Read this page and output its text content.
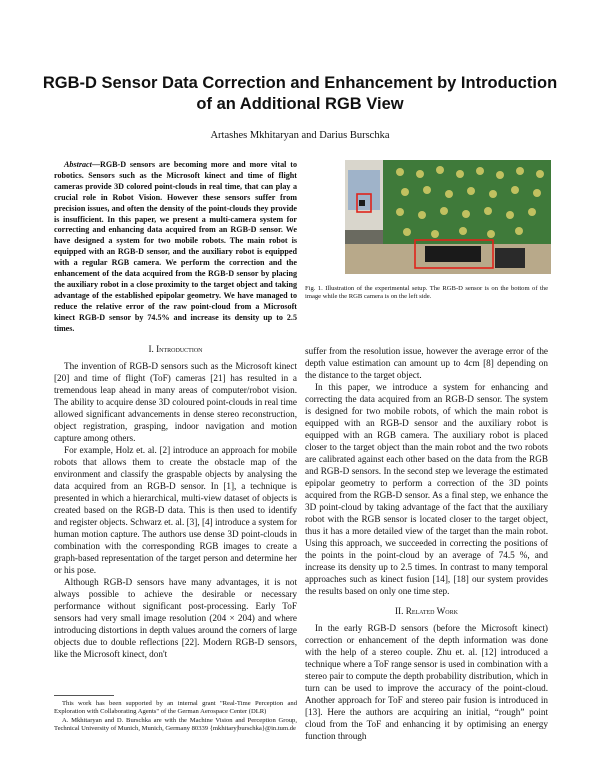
RGB-D Sensor Data Correction and Enhancement by Introduction of an Additional RGB View
Artashes Mkhitaryan and Darius Burschka

Abstract—RGB-D sensors are becoming more and more vital to robotics. Sensors such as the Microsoft kinect and time of flight cameras provide 3D colored point-clouds in real time, that can play a crucial role in Robot Vision. However these sensors suffer from precision issues, and often the density of the point-clouds they provide is insufficient. In this paper, we present a multi-camera system for correcting and enhancing data acquired from an RGB-D sensor. We have designed a system for two mobile robots. The main robot is equipped with an RGB-D sensor, and the auxiliary robot is equipped with a regular RGB camera. We perform the correction and the enhancement of the data acquired from the RGB-D sensor by placing the auxiliary robot in a close proximity to the target object and taking advantage of the established epipolar geometry. We have managed to reduce the relative error of the raw point-cloud from a Microsoft kinect RGB-D sensor by 74.5% and increase its density up to 2.5 times.

I. Introduction

The invention of RGB-D sensors such as the Microsoft kinect [20] and time of flight (ToF) cameras [21] has resulted in a tremendous leap ahead in many areas of computer/robot vision. The ability to acquire dense 3D coloured point-clouds in real time allowed significant advancements in dense stereo reconstruction, object registration, grasping, indoor navigation and motion capture among others.

For example, Holz et. al. [2] introduce an approach for mobile robots that allows them to create the obstacle map of the environment and classify the graspable objects by analysing the data acquired from an RGB-D sensor. In [1], a technique is presented in which a hierarchical, multi-view dataset of objects is created based on the RGB-D data. This is then used to identify and register objects. Schwarz et. al. [3], [4] introduce a system for human motion capture. The authors use dense 3D point-clouds in combination with the corresponding RGB images to create a graph-based representation of the target person and determine her or his pose.

Although RGB-D sensors have many advantages, it is not always possible to achieve the desirable or necessary performance without significant post-processing. Early ToF sensors had very small image resolution (204 × 204) and where introducing distortions in depth values around the corners of large objects due to double reflections [22]. Modern RGB-D sensors, like the Microsoft kinect, don't

This work has been supported by an internal grant "Real-Time Perception and Exploration with Collaborating Agents" of the German Aerospace Center (DLR)

A. Mkhitaryan and D. Burschka are with the Machine Vision and Perception Group, Technical University of Munich, Munich, Germany 80339 {mkhitary|burschka}@in.tum.de

Fig. 1. Illustration of the experimental setup. The RGB-D sensor is on the bottom of the image while the RGB camera is on the left side.

suffer from the resolution issue, however the average error of the depth value estimation can amount up to 4cm [8] depending on the distance to the target object.

In this paper, we introduce a system for enhancing and correcting the data acquired from an RGB-D sensor. The system is designed for two mobile robots, of which the main robot is equipped with an RGB-D sensor and the auxiliary robot is equipped with an RGB camera. The auxiliary robot is placed closer to the target object than the main robot and the two robots are calibrated against each other based on the data from the RGB and RGB-D sensors. In the second step we leverage the estimated epipolar geometry to perform a correction of the 3D points acquired from the RGB-D sensor. As a final step, we enhance the 3D point-cloud by taking advantage of the fact that the auxiliary robot with the RGB sensor is located closer to the target object, thus it has a more detailed view of the target than the main robot. Using this approach, we succeeded in correcting the positions of the points in the point-cloud by an average of 74.5 %, and increase its density up to 2.5 times. In contrast to many temporal approaches such as kinect fusion [14], [18] our system provides the results based on only one time step.

II. Related Work

In the early RGB-D sensors (before the Microsoft kinect) correction or enhancement of the depth information was done with the help of a stereo couple. Zhu et. al. [12] introduced a technique where a ToF range sensor is used in combination with a stereo pair to compute the depth probability distribution, which in turn can be used to improve the accuracy of the point-cloud. Another approach for ToF and stereo pair fusion is introduced in [13]. Here the authors are acquiring an initial, “rough” point cloud from the ToF and enhancing it by optimising an energy function through
